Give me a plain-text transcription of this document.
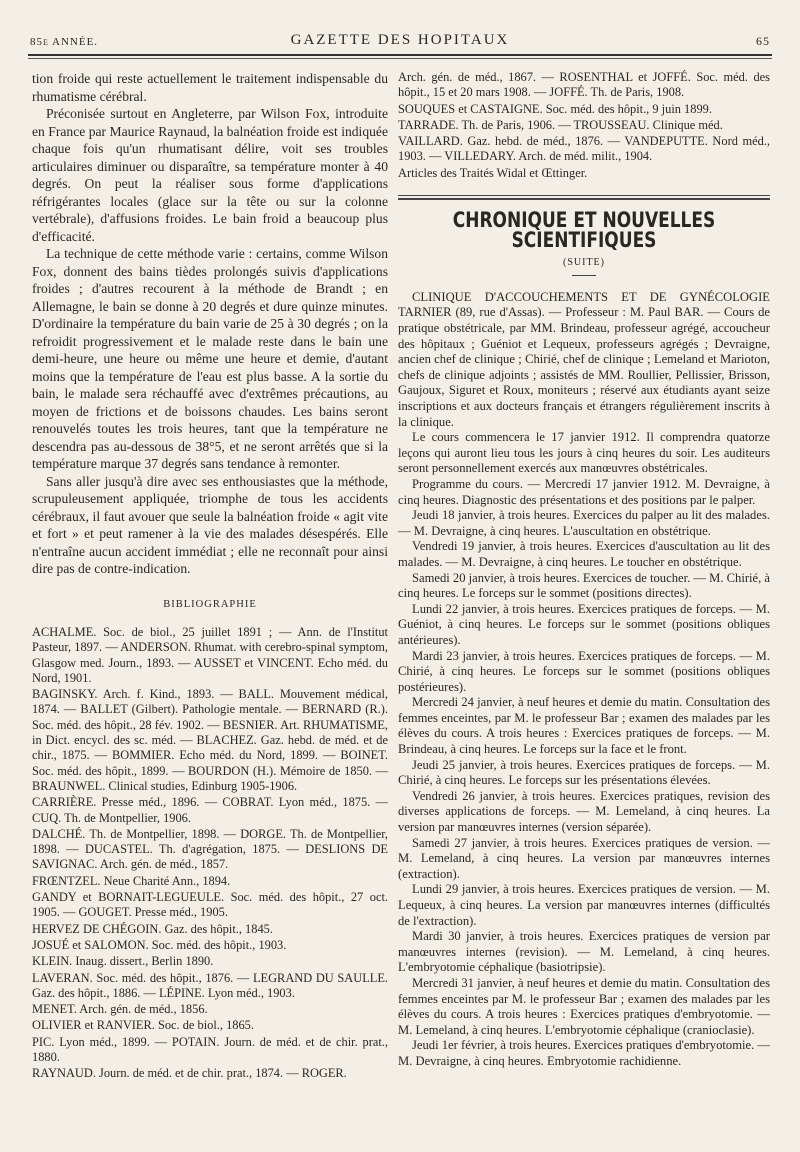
85e ANNÉE.	GAZETTE DES HOPITAUX	65

tion froide qui reste actuellement le traitement indispensable du rhumatisme cérébral.

Préconisée surtout en Angleterre, par Wilson Fox, introduite en France par Maurice Raynaud, la balnéation froide est indiquée chaque fois qu'un rhumatisant délire, voit ses troubles articulaires diminuer ou disparaître, sa température monter à 40 degrés. On peut la réaliser sous forme d'applications réfrigérantes locales (glace sur la tête ou sur la colonne vertébrale), d'affusions froides. Le bain froid a beaucoup plus d'efficacité.

La technique de cette méthode varie : certains, comme Wilson Fox, donnent des bains tièdes prolongés suivis d'applications froides ; d'autres recourent à la méthode de Brandt ; en Allemagne, le bain se donne à 20 degrés et dure quinze minutes. D'ordinaire la température du bain varie de 25 à 30 degrés ; on la refroidit progressivement et le malade reste dans le bain une demi-heure, une heure ou même une heure et demie, d'autant moins que la température de l'eau est plus basse. A la sortie du bain, le malade sera réchauffé avec d'extrêmes précautions, au moyen de frictions et de boissons chaudes. Les bains seront renouvelés toutes les trois heures, tant que la température ne descendra pas au-dessous de 38°5, et ne seront arrêtés que si la température marque 37 degrés sans tendance à remonter.

Sans aller jusqu'à dire avec ses enthousiastes que la méthode, scrupuleusement appliquée, triomphe de tous les accidents cérébraux, il faut avouer que seule la balnéation froide « agit vite et fort » et peut ramener à la vie des malades désespérés. Elle n'entraîne aucun accident immédiat ; elle ne reconnaît pour ainsi dire pas de contre-indication.

BIBLIOGRAPHIE

ACHALME. Soc. de biol., 25 juillet 1891 ; — Ann. de l'Institut Pasteur, 1897. — ANDERSON. Rhumat. with cerebro-spinal symptom, Glasgow med. Journ., 1893. — AUSSET et VINCENT. Echo méd. du Nord, 1901.

BAGINSKY. Arch. f. Kind., 1893. — BALL. Mouvement médical, 1874. — BALLET (Gilbert). Pathologie mentale. — BERNARD (R.). Soc. méd. des hôpit., 28 fév. 1902. — BESNIER. Art. RHUMATISME, in Dict. encycl. des sc. méd. — BLACHEZ. Gaz. hebd. de méd. et de chir., 1875. — BOMMIER. Echo méd. du Nord, 1899. — BOINET. Soc. méd. des hôpit., 1899. — BOURDON (H.). Mémoire de 1850. — BRAUNWEL. Clinical studies, Edinburg 1905-1906.

CARRIÈRE. Presse méd., 1896. — COBRAT. Lyon méd., 1875. — CUQ. Th. de Montpellier, 1906.

DALCHÉ. Th. de Montpellier, 1898. — DORGE. Th. de Montpellier, 1898. — DUCASTEL. Th. d'agrégation, 1875. — DESLIONS DE SAVIGNAC. Arch. gén. de méd., 1857.

FRŒNTZEL. Neue Charité Ann., 1894.

GANDY et BORNAIT-LEGUEULE. Soc. méd. des hôpit., 27 oct. 1905. — GOUGET. Presse méd., 1905.

HERVEZ DE CHÉGOIN. Gaz. des hôpit., 1845.

JOSUÉ et SALOMON. Soc. méd. des hôpit., 1903.

KLEIN. Inaug. dissert., Berlin 1890.

LAVERAN. Soc. méd. des hôpit., 1876. — LEGRAND DU SAULLE. Gaz. des hôpit., 1886. — LÉPINE. Lyon méd., 1903.

MENET. Arch. gén. de méd., 1856.

OLIVIER et RANVIER. Soc. de biol., 1865.

PIC. Lyon méd., 1899. — POTAIN. Journ. de méd. et de chir. prat., 1880.

RAYNAUD. Journ. de méd. et de chir. prat., 1874. — ROGER.

Arch. gén. de méd., 1867. — ROSENTHAL et JOFFÉ. Soc. méd. des hôpit., 15 et 20 mars 1908. — JOFFÉ. Th. de Paris, 1908.

SOUQUES et CASTAIGNE. Soc. méd. des hôpit., 9 juin 1899.

TARRADE. Th. de Paris, 1906. — TROUSSEAU. Clinique méd.

VAILLARD. Gaz. hebd. de méd., 1876. — VANDEPUTTE. Nord méd., 1903. — VILLEDARY. Arch. de méd. milit., 1904.

Articles des Traités Widal et Œttinger.

CHRONIQUE ET NOUVELLES SCIENTIFIQUES
(SUITE)

CLINIQUE D'ACCOUCHEMENTS ET DE GYNÉCOLOGIE TARNIER (89, rue d'Assas). — Professeur : M. Paul BAR. — Cours de pratique obstétricale, par MM. Brindeau, professeur agrégé, accoucheur des hôpitaux ; Guéniot et Lequeux, professeurs agrégés ; Devraigne, ancien chef de clinique ; Chirié, chef de clinique ; Lemeland et Marioton, chefs de clinique adjoints ; assistés de MM. Roullier, Pellissier, Brisson, Gaujoux, Siguret et Roux, moniteurs ; réservé aux étudiants ayant seize inscriptions et aux docteurs français et étrangers régulièrement inscrits à la clinique.

Le cours commencera le 17 janvier 1912. Il comprendra quatorze leçons qui auront lieu tous les jours à cinq heures du soir. Les auditeurs seront personnellement exercés aux manœuvres obstétricales.

Programme du cours. — Mercredi 17 janvier 1912. M. Devraigne, à cinq heures. Diagnostic des présentations et des positions par le palper.

Jeudi 18 janvier, à trois heures. Exercices du palper au lit des malades. — M. Devraigne, à cinq heures. L'auscultation en obstétrique.

Vendredi 19 janvier, à trois heures. Exercices d'auscultation au lit des malades. — M. Devraigne, à cinq heures. Le toucher en obstétrique.

Samedi 20 janvier, à trois heures. Exercices de toucher. — M. Chirié, à cinq heures. Le forceps sur le sommet (positions directes).

Lundi 22 janvier, à trois heures. Exercices pratiques de forceps. — M. Guéniot, à cinq heures. Le forceps sur le sommet (positions obliques antérieures).

Mardi 23 janvier, à trois heures. Exercices pratiques de forceps. — M. Chirié, à cinq heures. Le forceps sur le sommet (positions obliques postérieures).

Mercredi 24 janvier, à neuf heures et demie du matin. Consultation des femmes enceintes, par M. le professeur Bar ; examen des malades par les élèves du cours. A trois heures : Exercices pratiques de forceps. — M. Brindeau, à cinq heures. Le forceps sur la face et le front.

Jeudi 25 janvier, à trois heures. Exercices pratiques de forceps. — M. Chirié, à cinq heures. Le forceps sur les présentations élevées.

Vendredi 26 janvier, à trois heures. Exercices pratiques, revision des diverses applications de forceps. — M. Lemeland, à cinq heures. La version par manœuvres internes (version séparée).

Samedi 27 janvier, à trois heures. Exercices pratiques de version. — M. Lemeland, à cinq heures. La version par manœuvres internes (extraction).

Lundi 29 janvier, à trois heures. Exercices pratiques de version. — M. Lequeux, à cinq heures. La version par manœuvres internes (difficultés de l'extraction).

Mardi 30 janvier, à trois heures. Exercices pratiques de version par manœuvres internes (revision). — M. Lemeland, à cinq heures. L'embryotomie céphalique (basiotripsie).

Mercredi 31 janvier, à neuf heures et demie du matin. Consultation des femmes enceintes par M. le professeur Bar ; examen des malades par les élèves du cours. A trois heures : Exercices pratiques d'embryotomie. — M. Lemeland, à cinq heures. L'embryotomie céphalique (cranioclasie).

Jeudi 1er février, à trois heures. Exercices pratiques d'embryotomie. — M. Devraigne, à cinq heures. Embryotomie rachidienne.
